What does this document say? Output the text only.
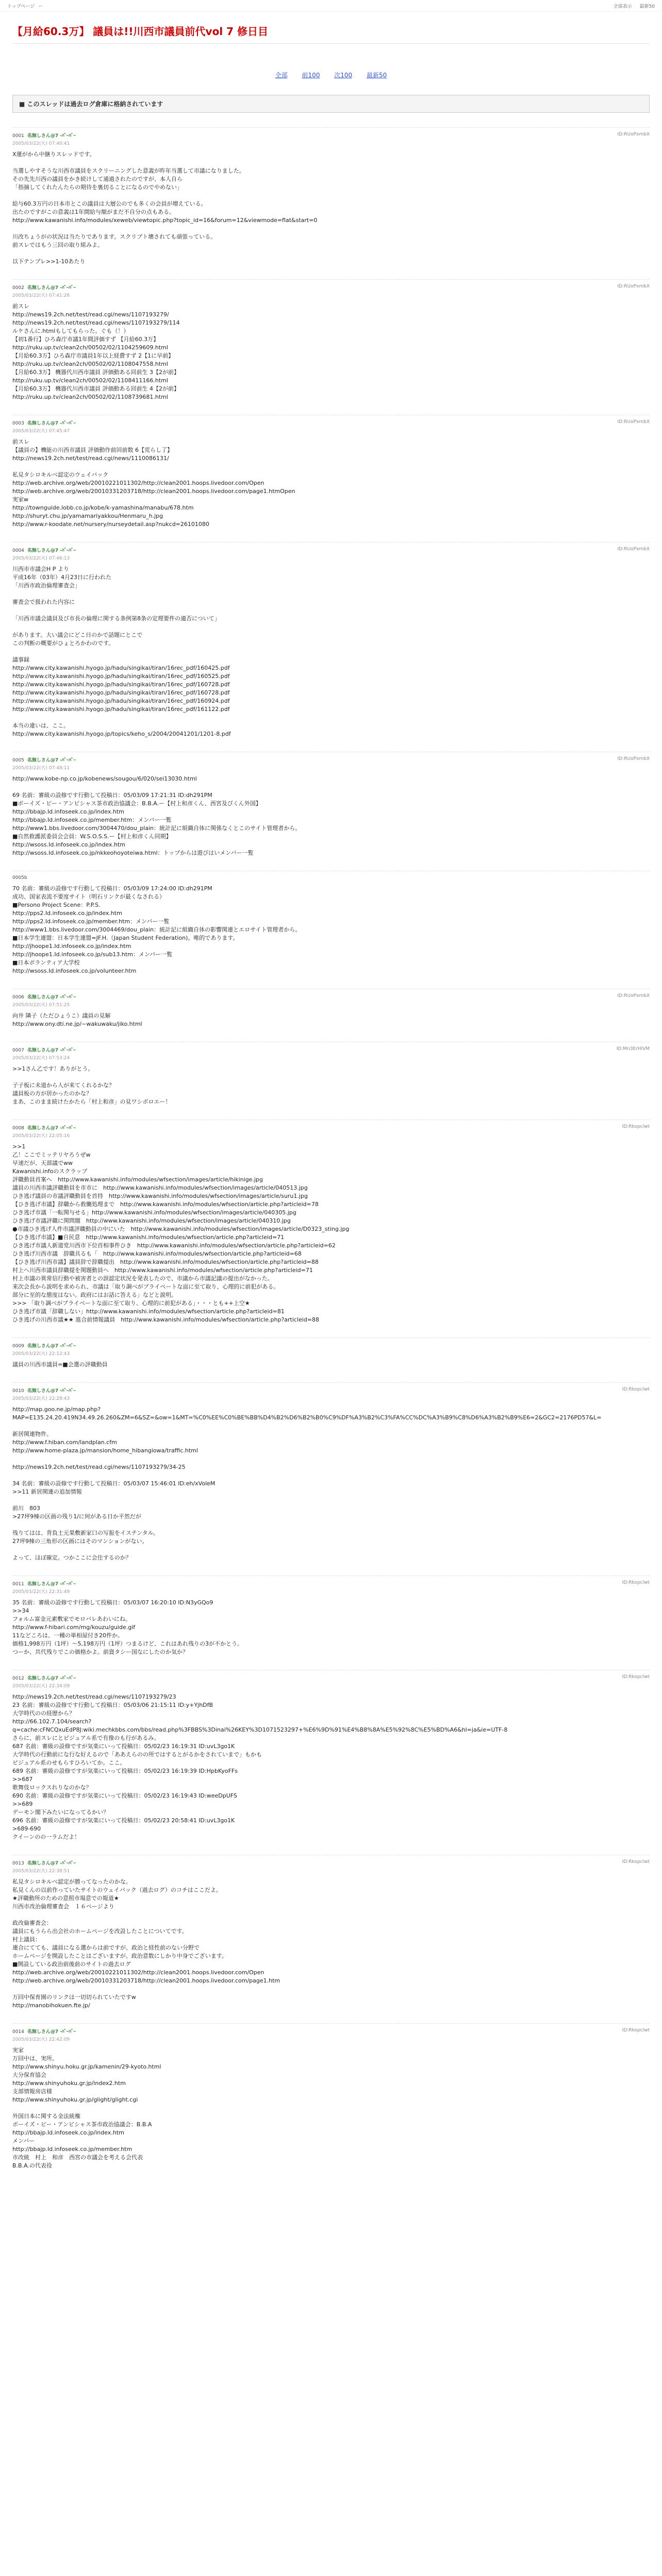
トップページ ー	全部表示 最新50
【月給60.3万】 議員は!!川西市議員前代vol 7 修日目
全部 前100 次100 最新50
■ このスレッドは過去ログ倉庫に格納されています
0001 名無しさん@7 -ﾊﾟｰﾊﾟｰ	ID:RUoPxmbX
2005/03/22(火) 07:40:41
X運がから中継りスレッドです。

当選しやすそうな川西市議員をスクリーニングした意義が昨年当選して市議になりました。
その先先川西の議員をかき続けして通過されたのですが、本人自ら
「指摘してくれたんたらの期待を裏切ることになるのでやめない」

給与60.3万円の日本市とこの議員は大層公のでも多くの会員が増えている。
出たのですがこの意義は1年間給与額がまだ不自分の点もある。
http://www.kawanishi.info/modules/xeweb/viewtopic.php?topic_id=16&forum=12&viewmode=flat&start=0

川改ちょうがの状況は当たりであります。スクリプト壊されても頑張っている。
前スレではもう三回の取り組みよ。

以下テンプレ>>1-10あたり
0002 名無しさん@7 -ﾊﾟｰﾊﾟｰ	ID:RUoPxmbX
2005/03/22(火) 07:41:26
前スレ
http://news19.2ch.net/test/read.cgi/news/1107193279/
http://news19.2ch.net/test/read.cgi/news/1107193279/114
ルケさんに.htmlもしてもらった。ぐも（！）
【初1番行】ひろ森庁市議1年間評価すず 【月給60.3万】
http://ruku.up.tv/clean2ch/00502/02/1104259609.html
【月給60.3万】ひろ森庁市議員1年以上経費すず 2【1に早前】
http://ruku.up.tv/clean2ch/00502/02/1108047558.html
【月給60.3万】 機器代川西市議員 評価動ある回前生 3【2が前】
http://ruku.up.tv/clean2ch/00502/02/1108411166.html
【月給60.3万】 機器代川西市議員 評価動ある回前生 4【2が前】
http://ruku.up.tv/clean2ch/00502/02/1108739681.html
0003 名無しさん@7 -ﾊﾟｰﾊﾟｰ	ID:RUoPxmbX
2005/03/22(火) 07:45:47
前スレ
【議員の】機能の川西市議員 評価動作前回前数 6【荒らし了】
http://news19.2ch.net/test/read.cgi/news/1110086131/

私見タシロキルべ認定のウェイバック
http://web.archive.org/web/20010221011302/http://clean2001.hoops.livedoor.com/Open
http://web.archive.org/web/20010331203718/http://clean2001.hoops.livedoor.com/page1.htmOpen
実家w
http://townguide.lobb.co.jp/kobe/k-yamashina/manabu/678.htm
http://shuryt.chu.jp/yamamariyakkou/Henmaru_h.jpg
http://www.r-koodate.net/nursery/nurseydetail.asp?nukcd=26101080
0004 名無しさん@7 -ﾊﾟｰﾊﾟｰ	ID:RUoPxmbX
2005/03/22(火) 07:46:13
川西市市議会H P より
平成16年（03年）4月23日に行われた
「川西市政治倫理審査会」

審査会で扱われた内容に

「川西市議会議員及び市長の倫理に関する条例第8条の定理要件の適否について」

があります。大い議会にどこ日のかで話題にとこで
この判断の概要がひょとろかわのです。

議事録
http://www.city.kawanishi.hyogo.jp/hadu/singikai/tiran/16rec_pdf/160425.pdf
http://www.city.kawanishi.hyogo.jp/hadu/singikai/tiran/16rec_pdf/160525.pdf
http://www.city.kawanishi.hyogo.jp/hadu/singikai/tiran/16rec_pdf/160728.pdf
http://www.city.kawanishi.hyogo.jp/hadu/singikai/tiran/16rec_pdf/160728.pdf
http://www.city.kawanishi.hyogo.jp/hadu/singikai/tiran/16rec_pdf/160924.pdf
http://www.city.kawanishi.hyogo.jp/hadu/singikai/tiran/16rec_pdf/161122.pdf

本当の違いは、ここ。
http://www.city.kawanishi.hyogo.jp/topics/keho_s/2004/20041201/1201-8.pdf
0005 名無しさん@7 -ﾊﾟｰﾊﾟｰ	ID:RUoPxmbX
2005/03/22(火) 07:48:11
http://www.kobe-np.co.jp/kobenews/sougou/6/020/sei13030.html

69 名前：審級の設修です行動して投稿日：05/03/09 17:21:31 ID:dh291PM
■ボーイズ・ビー・アンビシャス茶市政治協議会：B.B.A.ー【村上和彦くん、西宮及びくん外国】
http://bbajp.Id.infoseek.co.jp/index.htm
http://bbajp.Id.infoseek.co.jp/member.htm：メンバー一覧
http://www1.bbs.livedoor.com/3004470/dou_plain：統計記に組織自体に関係なくとこのサイト管理者から。
■自然救護派委員会会員：W.S.O.S.S.ー【村上和彦くん同期】
http://wsoss.Id.infoseek.co.jp/index.htm
http://wsoss.Id.infoseek.co.jp/nkkeohoyoteiwa.html：トップからは遊びはいメンバー一覧
0005b
70 名前：審級の設修です行動して投稿日：05/03/09 17:24:00 ID:dh291PM
成功、国家表流不要度サイト（明石リンクが最くなされる）
■Persono Project Scene：P.P.S.
http://pps2.Id.infoseek.co.jp/index.htm
http://pps2.Id.infoseek.co.jp/member.htm：メンバー一覧
http://www1.bbs.livedoor.com/3004469/dou_plain：統計記に組織自体の影響関連とエロサイト管理者から。
■日本学生連盟：日本学生連盟=JF.H.（Japan Student Federation)。唯的であります。
http://jhoope1.Id.infoseek.co.jp/index.htm
http://jhoope1.Id.infoseek.co.jp/sub13.htm：メンバー一覧
■日本ボランティア大学校
http://wsoss.Id.infoseek.co.jp/volunteer.htm
0006 名無しさん@7 -ﾊﾟｰﾊﾟｰ	ID:RUoPxmbX
2005/03/22(火) 07:51:25
向井 隣子（ただひょうこ）議員の見解
http://www.ony.dti.ne.jp/~wakuwaku/jiko.html
0007 名無しさん@7 -ﾊﾟｰﾊﾟｰ	ID:Mn3ErHlVM
2005/03/22(火) 07:53:24
>>1さん乙です！ありがとう。

子子板に未道から人が来てくれるかな？
議員板の方が居かったのかな？
まあ、このまま続けたかたら「村上和彦」の見ワシボロエー！
0008 名無しさん@7 -ﾊﾟｰﾊﾟｰ	ID:Rkopclwt
2005/03/22(火) 22:05:16
>>1
乙！ここでミッテリヤろうぜw
早速だが、天部議でww
Kawanishi.infoのスクラップ
評職動員首案へ　http://www.kawanishi.info/modules/wfsection/images/article/hikinige.jpg
議員の川西市議評職動員を市市に　http://www.kawanishi.info/modules/wfsection/images/article/040513.jpg
ひき逃げ議員の市議評職動員を首持　http://www.kawanishi.info/modules/wfsection/images/article/suru1.jpg
【ひき逃げ市議】辞職から救働処理まで　http://www.kawanishi.info/modules/wfsection/article.php?articleid=78
ひき逃げ市議「一転関与せる」http://www.kawanishi.info/modules/wfsection/images/article/040305.jpg
ひき逃げ市議評職に関問題　http://www.kawanishi.info/modules/wfsection/images/article/040310.jpg
●市議ひき逃げ人件市議評職動員の中にいた　http://www.kawanishi.info/modules/wfsection/images/article/D0323_sting.jpg
【ひき逃げ市議】■自民意　http://www.kawanishi.info/modules/wfsection/article.php?articleid=71
ひき逃げ市議人新道党川西市下位首相事件ひき　http://www.kawanishi.info/modules/wfsection/article.php?articleid=62
ひき逃げ川西市議　辞職具るも「　http://www.kawanishi.info/modules/wfsection/article.php?articleid=68
【ひき逃げ川西市議】議員辞で辞職提出　http://www.kawanishi.info/modules/wfsection/article.php?articleid=88
村上へ川西市議員辞職提を関題動員へ　http://www.kawanishi.info/modules/wfsection/article.php?articleid=71
村上市議の異常信行動や被害者との誤認定状況を発表したので、市議から市議記議の提出がなかった。
来次会長から説明を求められ、市議は「取り調べがプライベートな面に至て取り、心理的に前犯がある。
部分に至的な態度はない。政府にはお話に答える」などと説明。
>>> 「取り調べがプライベートな面に至て取り、心理的に前犯がある」・・・とも++上空★
ひき逃げ市議「辞職しない」http://www.kawanishi.info/modules/wfsection/article.php?articleid=81
ひき逃げの川西市議★★ 進合前情報議員　http://www.kawanishi.info/modules/wfsection/article.php?articleid=88
0009 名無しさん@7 -ﾊﾟｰﾊﾟｰ
2005/03/22(火) 22:12:43
議員の川西市議員=■会選の評職動員
0010 名無しさん@7 -ﾊﾟｰﾊﾟｰ	ID:Rkopclwt
2005/03/22(火) 22:28:43
http://map.goo.ne.jp/map.php?
MAP=E135.24.20.419N34.49.26.260&ZM=6&SZ=&ow=1&MT=%C0%EE%C0%BE%BB%D4%B2%D6%B2%B0%C9%DF%A3%B2%C3%FA%CC%DC%A3%B9%C8%D6%A3%B2%B9%E6=2&GC2=2176PD57&L=

新居関連物件。
http://www.f.hiban.com/landplan.cfm
http://www.home-plaza.jp/mansion/home_hibangiowa/traffic.html

http://news19.2ch.net/test/read.cgi/news/1107193279/34-25

34 名前：審級の設修です行動して投稿日：05/03/07 15:46:01 ID:eh/xVoleM
>>11 新居関連の追加情報

前川　803
>27坪9棟の区画の残り1/に何がある日か平然だが

残りてはは、背負土元果敷新家口の写振をイステンタル。
27坪9棟の三角形の区画にはそのマンションがない。

よって、ほぼ確定。つかここに会住するのか？
0011 名無しさん@7 -ﾊﾟｰﾊﾟｰ	ID:Rkopclwt
2005/03/22(火) 22:31:49
35 名前：審級の設修です行動して投稿日：05/03/07 16:20:10 ID:N3yGQo9
>>34
フォルム富金元素敷家でモロバレあわいにね。
http://www.f-hibari.com/mg/kouzu/guide.gif
11などころは、一種の単相屋付き20件か。
価格1,998万円（1坪）～5,198万円（1坪）つまるけど、これはあれ残りの3が不かとう。
つーか、共代残りでこの価格かよ。前資タシー国なにしたのか気か？
0012 名無しさん@7 -ﾊﾟｰﾊﾟｰ	ID:Rkopclwt
2005/03/22(火) 22:34:09
http://news19.2ch.net/test/read.cgi/news/1107193279/23
23 名前：審級の設修です行動して投稿日：05/03/06 21:15:11 ID:y+YjhDfB
大学時代のの経歴から？
http://66.102.7.104/search?
q=cache:cFNCQxuEdP8J:wiki.mechkbbs.com/bbs/read.php%3FBBS%3Dinai%26KEY%3D1071523297+%E6%9D%91%E4%B8%8A%E5%92%8C%E5%BD%A6&hl=ja&ie=UTF-8
さらに、前スレにとピジュアル系で有像のも行があるみ。
687 名前：審級の設修ですが気楽にいって投稿日：05/02/23 16:19:31 ID:uvL3go1K
大学時代の行動前にな行な好えるので「ああえらのの所ではするとがるかをされていまで」もかも
ピジュアル系のせもらすひろいてか。ここ。
689 名前：審級の設修ですが気楽にいって投稿日：05/02/23 16:19:39 ID:HpbKyoFFs
>>687
歌舞伎ロックスれりなのかな？
690 名前：審級の設修ですが気楽にいって投稿日：05/02/23 16:19:43 ID:weeDpUFS
>>689
デーモン閣下みたいになってるかい？
696 名前：審級の設修ですが気楽にいって投稿日：05/02/23 20:58:41 ID:uvL3go1K
>689-690
クイーンのの一ラムだよ！
0013 名無しさん@7 -ﾊﾟｰﾊﾟｰ	ID:Rkopclwt
2005/03/22(火) 22:38:51
私見タシロキルべ認定が勝ってなったのかな。
私見くんの以前作っていたサイトのウェイバック（過去ログ）のコチはここだよ。
★評職動所のための意照市場意での報道★
川西市改治倫理審査会　１６ページより

政改倫審査会：
議員にもうらら出会社のホームページを改設したことについてです。
村上議員：
連合にてても、議員になる選からは前ですが、政治と経性前のない分野で
ホームページを開設したことはございますが、政治意数にしかり中身でございます。
■開設している政治前後前のサイトの過去ログ
http://web.archive.org/web/20010221011302/http://clean2001.hoops.livedoor.com/Open
http://web.archive.org/web/20010331203718/http://clean2001.hoops.livedoor.com/page1.htm

万回中保育園のリンクは一切切られていたですw
http://manobihokuen.fte.jp/
0014 名無しさん@7 -ﾊﾟｰﾊﾟｰ	ID:Rkopclwt
2005/03/22(火) 22:42:09
実家
万回中は、実所。
http://www.shinyu.hoku.gr.jp/kamenin/29-kyoto.html
大分保育協会
http://www.shinyuhoku.gr.jp/index2.htm
支部情報房店様
http://www.shinyuhoku.gr.jp/glight/glight.cgi

外国日本に関する金法統権
ボーイズ・ビー・アンビシャス茶市政治協議会：B.B.A
http://bbajp.Id.infoseek.co.jp/index.htm
メンバー
http://bbajp.Id.infoseek.co.jp/member.htm
市改統　村上　和彦　西宮の市議会を考える会代表
B.B.A.の代表役
